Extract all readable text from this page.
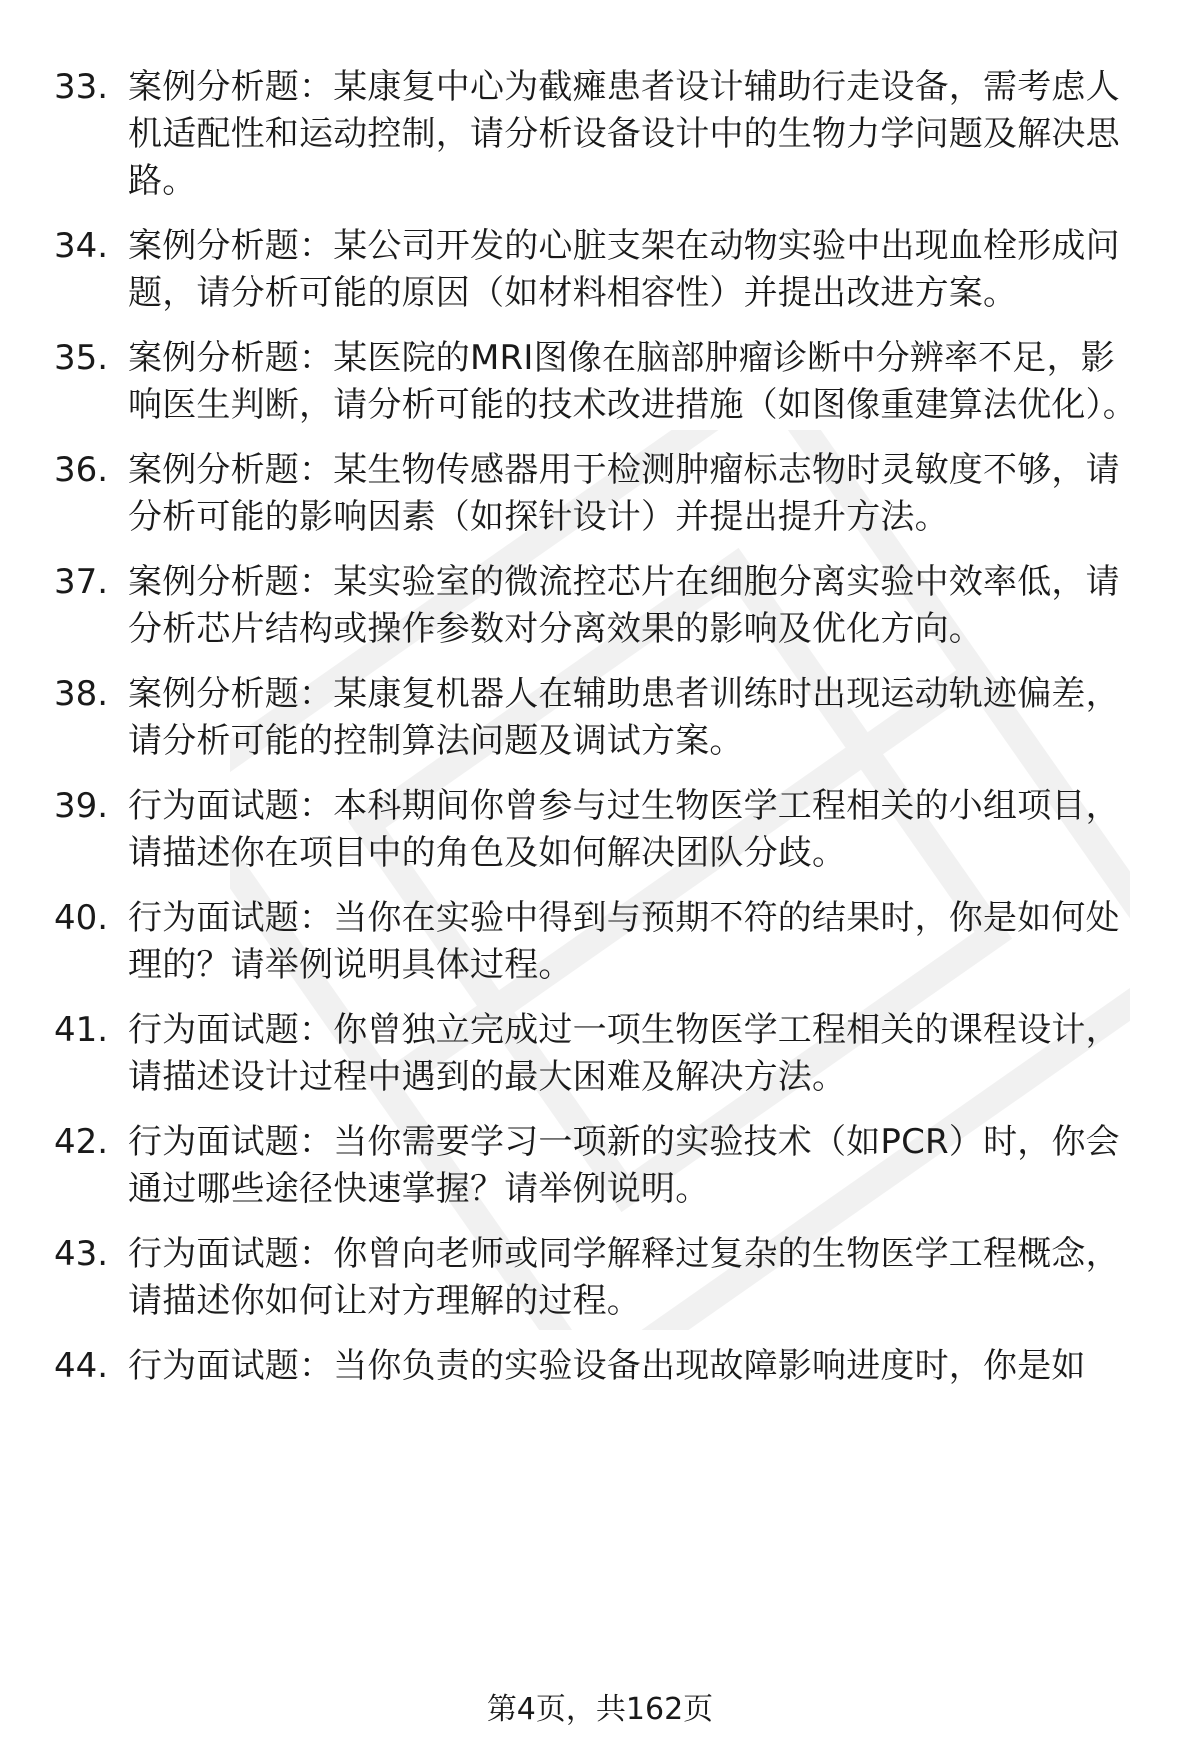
33. 案例分析题：某康复中心为截瘫患者设计辅助行走设备，需考虑人机适配性和运动控制，请分析设备设计中的生物力学问题及解决思路。
34. 案例分析题：某公司开发的心脏支架在动物实验中出现血栓形成问题，请分析可能的原因（如材料相容性）并提出改进方案。
35. 案例分析题：某医院的MRI图像在脑部肿瘤诊断中分辨率不足，影响医生判断，请分析可能的技术改进措施（如图像重建算法优化）。
36. 案例分析题：某生物传感器用于检测肿瘤标志物时灵敏度不够，请分析可能的影响因素（如探针设计）并提出提升方法。
37. 案例分析题：某实验室的微流控芯片在细胞分离实验中效率低，请分析芯片结构或操作参数对分离效果的影响及优化方向。
38. 案例分析题：某康复机器人在辅助患者训练时出现运动轨迹偏差，请分析可能的控制算法问题及调试方案。
39. 行为面试题：本科期间你曾参与过生物医学工程相关的小组项目，请描述你在项目中的角色及如何解决团队分歧。
40. 行为面试题：当你在实验中得到与预期不符的结果时，你是如何处理的？请举例说明具体过程。
41. 行为面试题：你曾独立完成过一项生物医学工程相关的课程设计，请描述设计过程中遇到的最大困难及解决方法。
42. 行为面试题：当你需要学习一项新的实验技术（如PCR）时，你会通过哪些途径快速掌握？请举例说明。
43. 行为面试题：你曾向老师或同学解释过复杂的生物医学工程概念，请描述你如何让对方理解的过程。
44. 行为面试题：当你负责的实验设备出现故障影响进度时，你是如
第4页，共162页
